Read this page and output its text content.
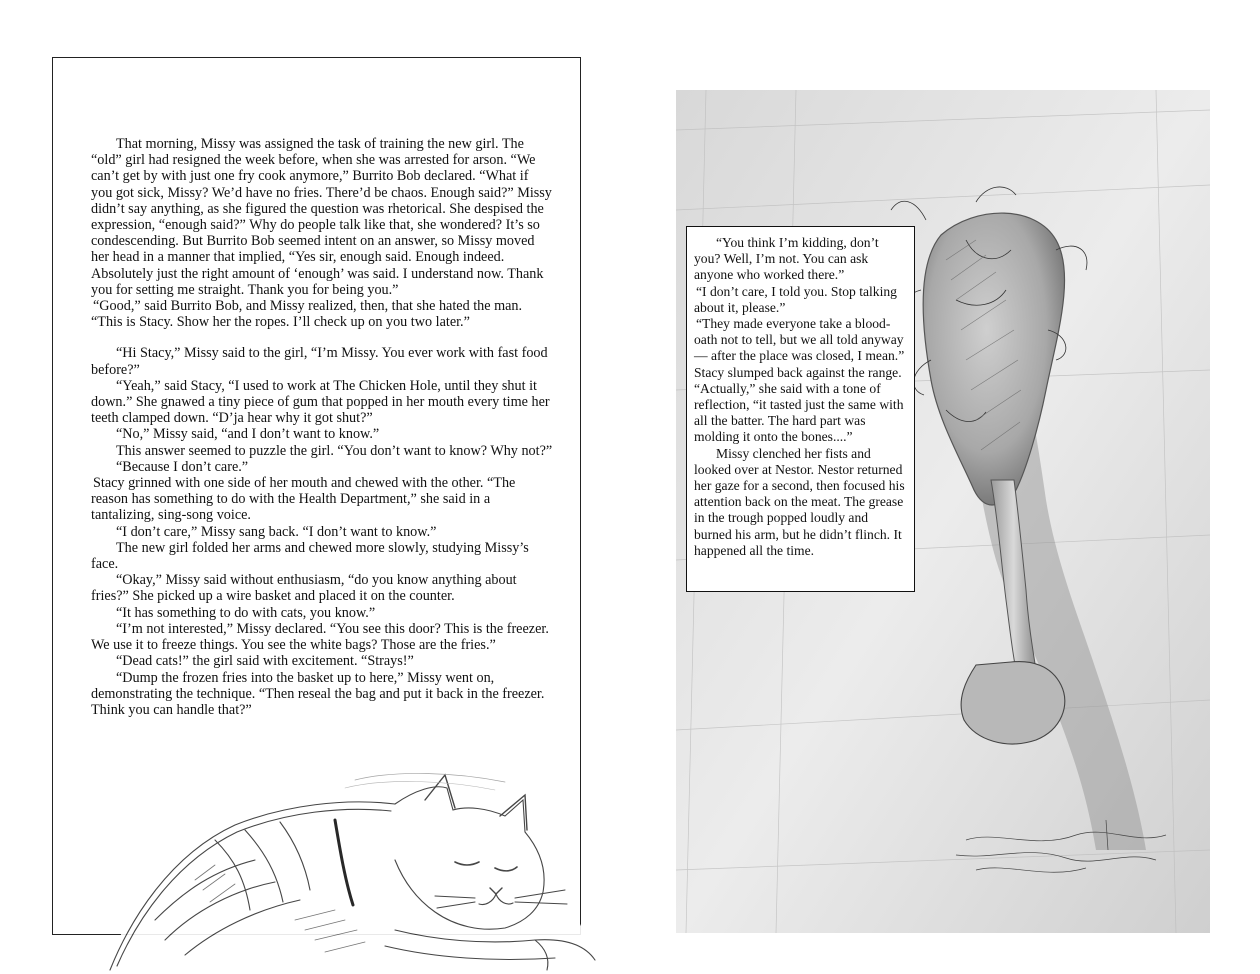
That morning, Missy was assigned the task of training the new girl. The “old” girl had resigned the week before, when she was arrested for arson. “We can’t get by with just one fry cook anymore,” Burrito Bob declared. “What if you got sick, Missy? We’d have no fries. There’d be chaos. Enough said?” Missy didn’t say anything, as she figured the question was rhetorical. She despised the expression, “enough said?” Why do people talk like that, she wondered? It’s so condescending. But Burrito Bob seemed intent on an answer, so Missy moved her head in a manner that implied, “Yes sir, enough said. Enough indeed. Absolutely just the right amount of ‘enough’ was said. I understand now. Thank you for setting me straight. Thank you for being you.”

“Good,” said Burrito Bob, and Missy realized, then, that she hated the man. “This is Stacy. Show her the ropes. I’ll check up on you two later.”

“Hi Stacy,” Missy said to the girl, “I’m Missy. You ever work with fast food before?”

“Yeah,” said Stacy, “I used to work at The Chicken Hole, until they shut it down.” She gnawed a tiny piece of gum that popped in her mouth every time her teeth clamped down. “D’ja hear why it got shut?”

“No,” Missy said, “and I don’t want to know.”

This answer seemed to puzzle the girl. “You don’t want to know? Why not?”

“Because I don’t care.”

Stacy grinned with one side of her mouth and chewed with the other. “The reason has something to do with the Health Department,” she said in a tantalizing, sing-song voice.

“I don’t care,” Missy sang back. “I don’t want to know.”

The new girl folded her arms and chewed more slowly, studying Missy’s face.

“Okay,” Missy said without enthusiasm, “do you know anything about fries?” She picked up a wire basket and placed it on the counter.

“It has something to do with cats, you know.”

“I’m not interested,” Missy declared. “You see this door? This is the freezer. We use it to freeze things. You see the white bags? Those are the fries.”

“Dead cats!” the girl said with excitement. “Strays!”

“Dump the frozen fries into the basket up to here,” Missy went on, demonstrating the technique. “Then reseal the bag and put it back in the freezer. Think you can handle that?”

“You think I’m kidding, don’t you? Well, I’m not. You can ask anyone who worked there.”

“I don’t care, I told you. Stop talking about it, please.”

“They made everyone take a blood-oath not to tell, but we all told anyway — after the place was closed, I mean.” Stacy slumped back against the range. “Actually,” she said with a tone of reflection, “it tasted just the same with all the batter. The hard part was molding it onto the bones....”

Missy clenched her fists and looked over at Nestor. Nestor returned her gaze for a second, then focused his attention back on the meat. The grease in the trough popped loudly and burned his arm, but he didn’t flinch. It happened all the time.
